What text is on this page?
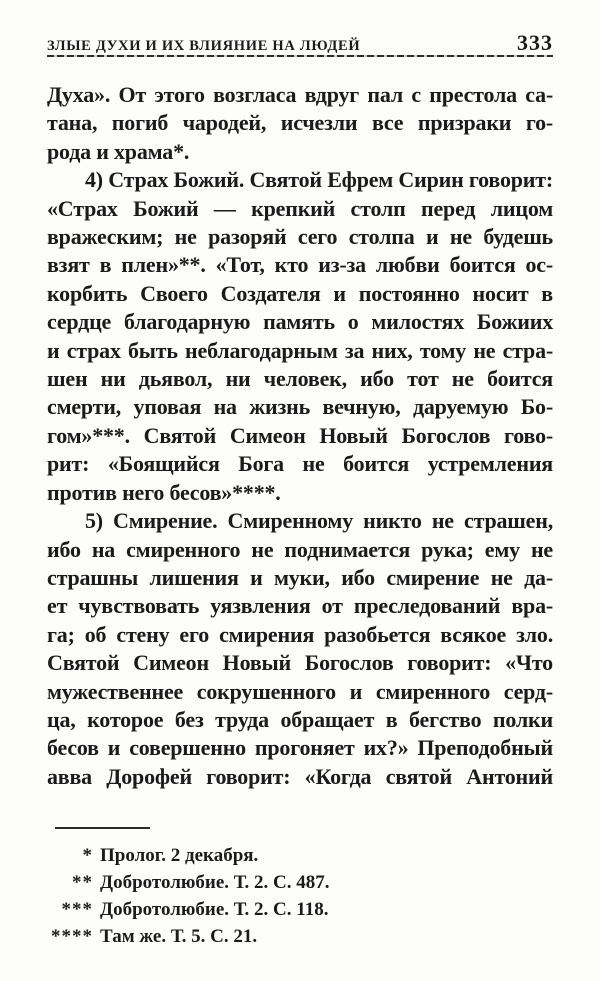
ЗЛЫЕ ДУХИ И ИХ ВЛИЯНИЕ НА ЛЮДЕЙ	333
Духа». От этого возгласа вдруг пал с престола са-
тана, погиб чародей, исчезли все призраки го-
рода и храма*.
4) Страх Божий. Святой Ефрем Сирин говорит:
«Страх Божий — крепкий столп перед лицом
вражеским; не разоряй сего столпа и не будешь
взят в плен»**. «Тот, кто из-за любви боится ос-
корбить Своего Создателя и постоянно носит в
сердце благодарную память о милостях Божиих
и страх быть неблагодарным за них, тому не стра-
шен ни дьявол, ни человек, ибо тот не боится
смерти, уповая на жизнь вечную, даруемую Бо-
гом»***. Святой Симеон Новый Богослов гово-
рит: «Боящийся Бога не боится устремления
против него бесов»****.
5) Смирение. Смиренному никто не страшен,
ибо на смиренного не поднимается рука; ему не
страшны лишения и муки, ибо смирение не да-
ет чувствовать уязвления от преследований вра-
га; об стену его смирения разобьется всякое зло.
Святой Симеон Новый Богослов говорит: «Что
мужественнее сокрушенного и смиренного серд-
ца, которое без труда обращает в бегство полки
бесов и совершенно прогоняет их?» Преподобный
авва Дорофей говорит: «Когда святой Антоний
* Пролог. 2 декабря.
** Добротолюбие. Т. 2. С. 487.
*** Добротолюбие. Т. 2. С. 118.
**** Там же. Т. 5. С. 21.
